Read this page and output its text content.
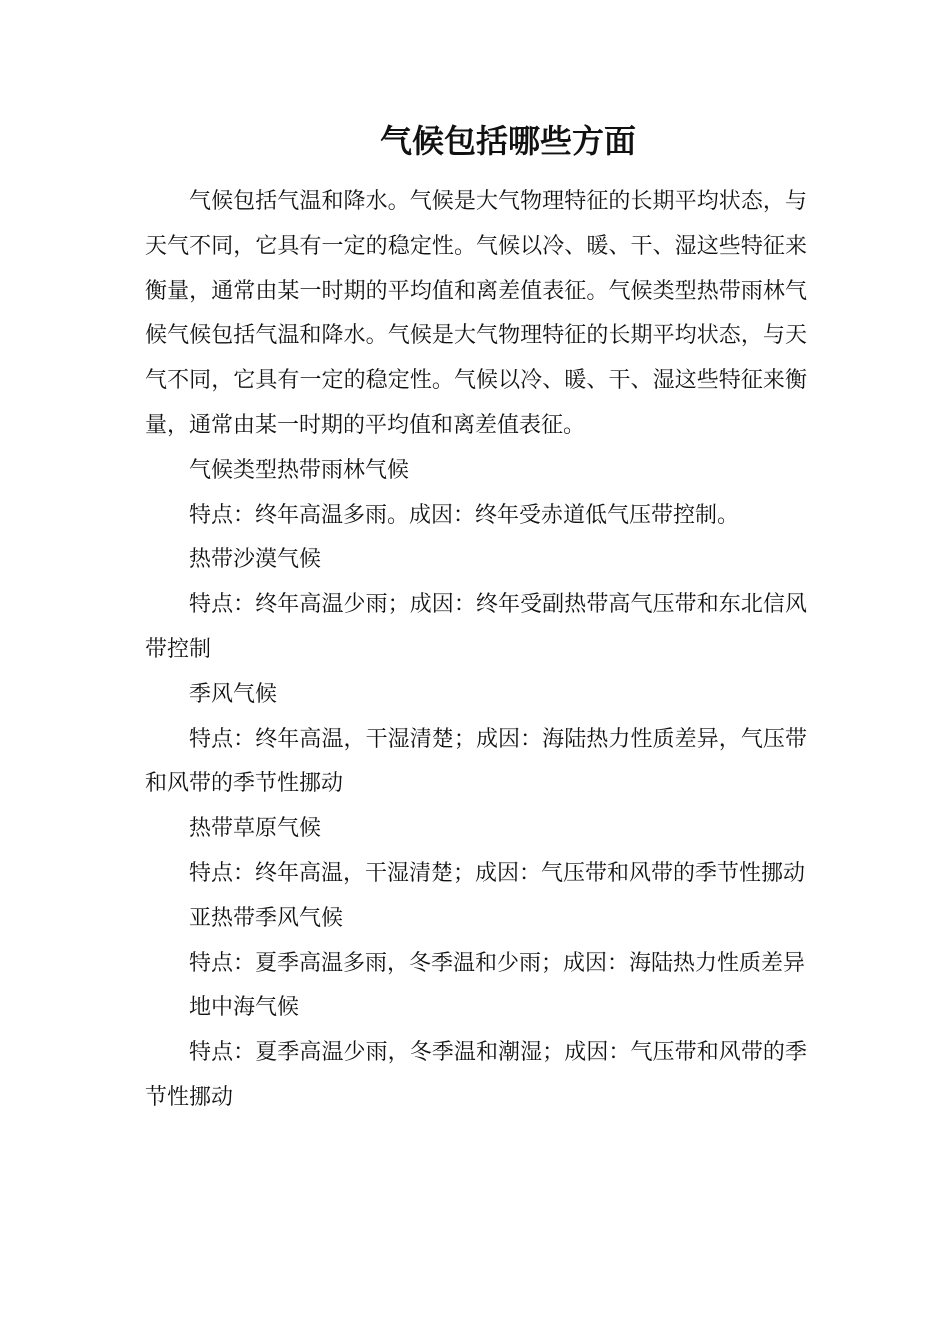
气候包括哪些方面

气候包括气温和降水。气候是大气物理特征的长期平均状态，与天气不同，它具有一定的稳定性。气候以冷、暖、干、湿这些特征来衡量，通常由某一时期的平均值和离差值表征。气候类型热带雨林气候气候包括气温和降水。气候是大气物理特征的长期平均状态，与天气不同，它具有一定的稳定性。气候以冷、暖、干、湿这些特征来衡量，通常由某一时期的平均值和离差值表征。

气候类型热带雨林气候

特点：终年高温多雨。成因：终年受赤道低气压带控制。

热带沙漠气候

特点：终年高温少雨；成因：终年受副热带高气压带和东北信风带控制

季风气候

特点：终年高温，干湿清楚；成因：海陆热力性质差异，气压带和风带的季节性挪动

热带草原气候

特点：终年高温，干湿清楚；成因：气压带和风带的季节性挪动

亚热带季风气候

特点：夏季高温多雨，冬季温和少雨；成因：海陆热力性质差异

地中海气候

特点：夏季高温少雨，冬季温和潮湿；成因：气压带和风带的季节性挪动
